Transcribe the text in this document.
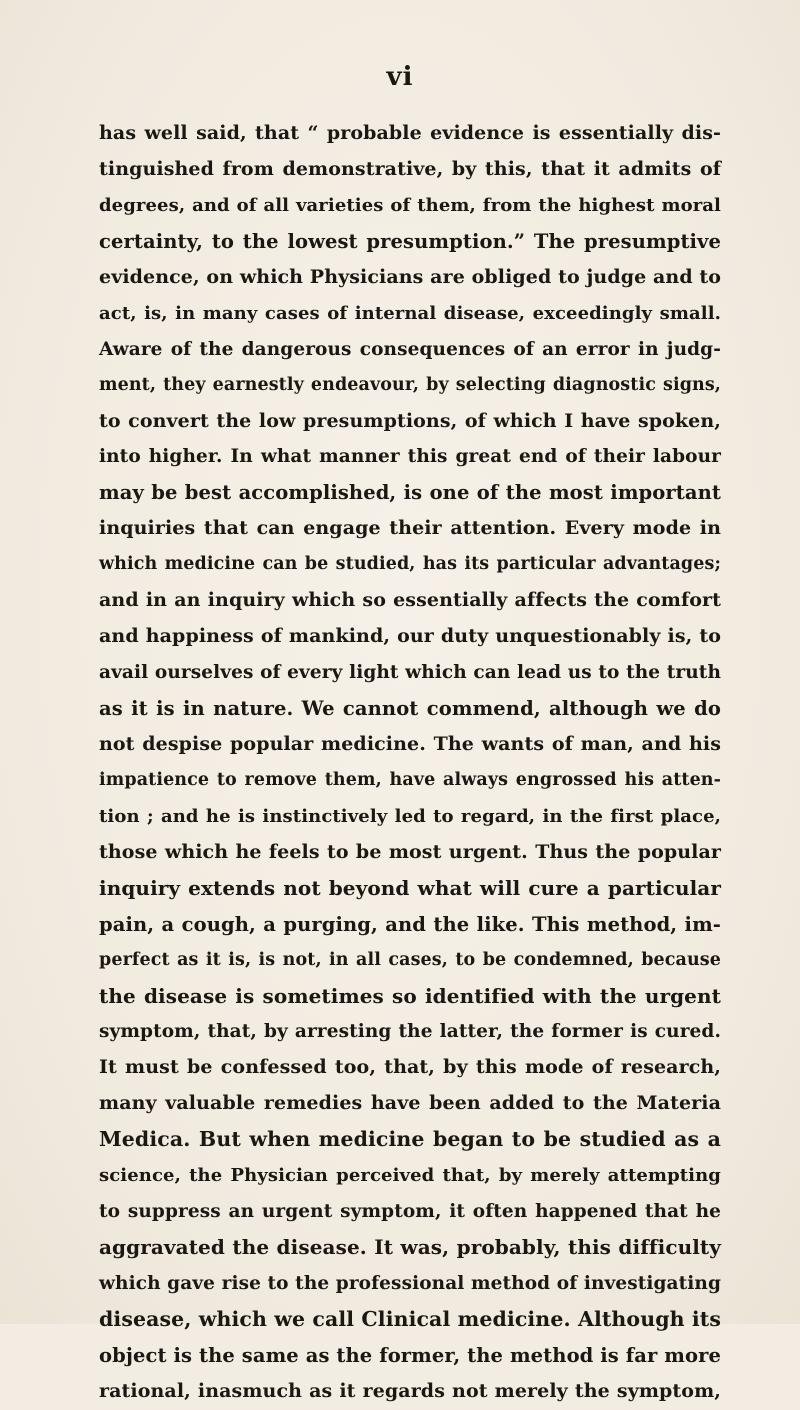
vi
has well said, that “ probable evidence is essentially dis-
tinguished from demonstrative, by this, that it admits of
degrees, and of all varieties of them, from the highest moral
certainty, to the lowest presumption.” The presumptive
evidence, on which Physicians are obliged to judge and to
act, is, in many cases of internal disease, exceedingly small.
Aware of the dangerous consequences of an error in judg-
ment, they earnestly endeavour, by selecting diagnostic signs,
to convert the low presumptions, of which I have spoken,
into higher. In what manner this great end of their labour
may be best accomplished, is one of the most important
inquiries that can engage their attention. Every mode in
which medicine can be studied, has its particular advantages;
and in an inquiry which so essentially affects the comfort
and happiness of mankind, our duty unquestionably is, to
avail ourselves of every light which can lead us to the truth
as it is in nature. We cannot commend, although we do
not despise popular medicine. The wants of man, and his
impatience to remove them, have always engrossed his atten-
tion ; and he is instinctively led to regard, in the first place,
those which he feels to be most urgent. Thus the popular
inquiry extends not beyond what will cure a particular
pain, a cough, a purging, and the like. This method, im-
perfect as it is, is not, in all cases, to be condemned, because
the disease is sometimes so identified with the urgent
symptom, that, by arresting the latter, the former is cured.
It must be confessed too, that, by this mode of research,
many valuable remedies have been added to the Materia
Medica. But when medicine began to be studied as a
science, the Physician perceived that, by merely attempting
to suppress an urgent symptom, it often happened that he
aggravated the disease. It was, probably, this difficulty
which gave rise to the professional method of investigating
disease, which we call Clinical medicine. Although its
object is the same as the former, the method is far more
rational, inasmuch as it regards not merely the symptom,
